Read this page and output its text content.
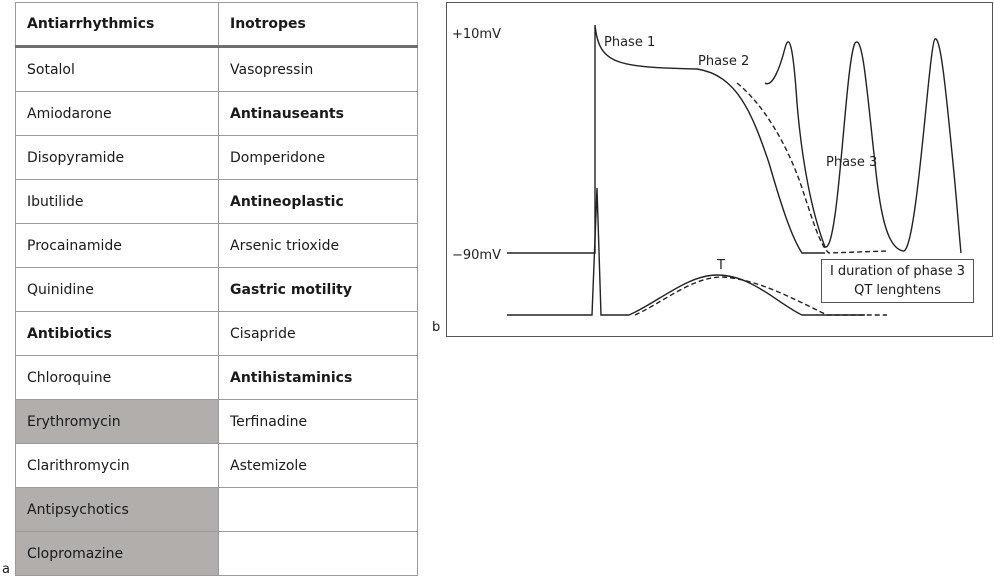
Antiarrhythmics	Inotropes
Sotalol	Vasopressin
Amiodarone	Antinauseants
Disopyramide	Domperidone
Ibutilide	Antineoplastic
Procainamide	Arsenic trioxide
Quinidine	Gastric motility
Antibiotics	Cisapride
Chloroquine	Antihistaminics
Erythromycin	Terfinadine
Clarithromycin	Astemizole
Antipsychotics	
Clopromazine	
a
b
+10mV
−90mV
Phase 1
Phase 2
Phase 3
T	I duration of phase 3
QT lenghtens
